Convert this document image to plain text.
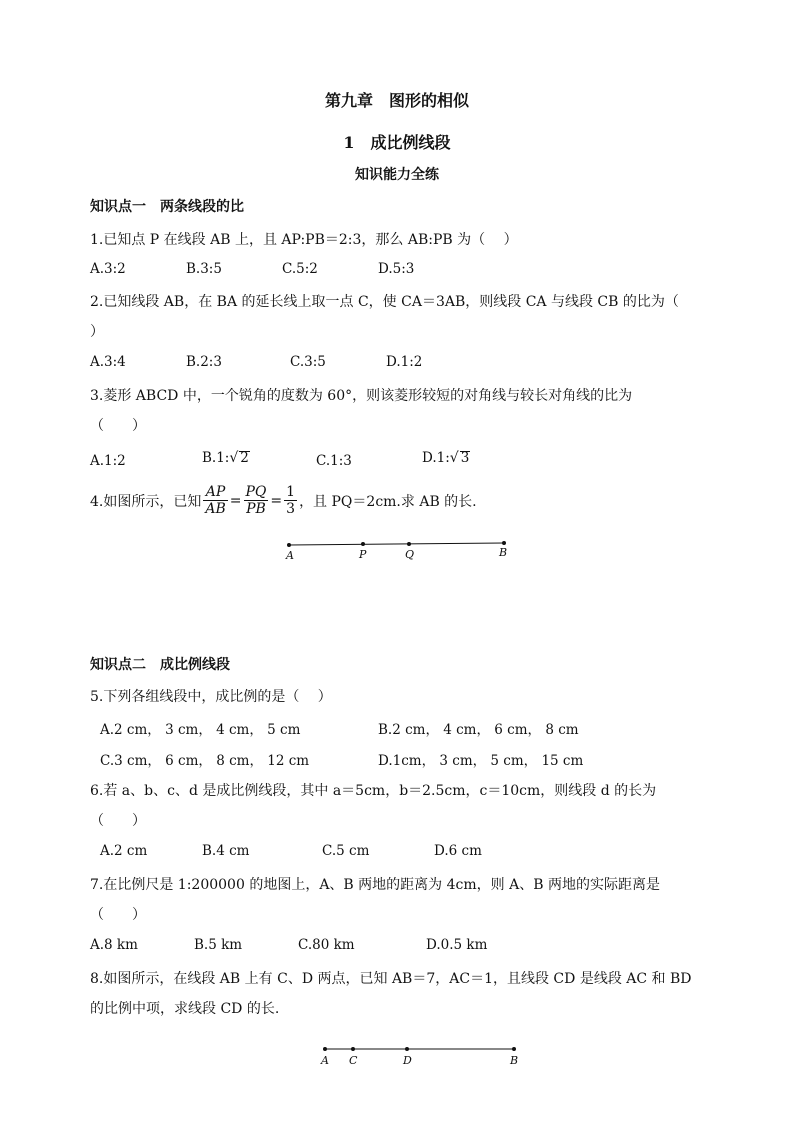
第九章　图形的相似
1　成比例线段
知识能力全练
知识点一　两条线段的比
1.已知点 P 在线段 AB 上，且 AP:PB＝2:3，那么 AB:PB 为（　 ）
A.3:2	B.3:5	C.5:2	D.5:3
2.已知线段 AB，在 BA 的延长线上取一点 C，使 CA＝3AB，则线段 CA 与线段 CB 的比为（
）
A.3:4	B.2:3	C.3:5	D.1:2
3.菱形 ABCD 中，一个锐角的度数为 60°，则该菱形较短的对角线与较长对角线的比为
（　　）
A.1:2	B.1:√ 2	C.1:3	D.1:√ 3
4.如图所示，已知 $\frac{AP}{AB} = \frac{PQ}{PB} = \frac{1}{3}$ ，且 PQ＝2cm.求 AB 的长.
A	P	Q	B
知识点二　成比例线段
5.下列各组线段中，成比例的是（　 ）
A.2 cm， 3 cm， 4 cm， 5 cm	B.2 cm， 4 cm， 6 cm， 8 cm
C.3 cm， 6 cm， 8 cm， 12 cm	D.1cm， 3 cm， 5 cm， 15 cm
6.若 a、b、c、d 是成比例线段，其中 a＝5cm，b＝2.5cm，c＝10cm，则线段 d 的长为
（　　）
A.2 cm	B.4 cm	C.5 cm	D.6 cm
7.在比例尺是 1:200000 的地图上，A、B 两地的距离为 4cm，则 A、B 两地的实际距离是
（　　）
A.8 km	B.5 km	C.80 km	D.0.5 km
8.如图所示，在线段 AB 上有 C、D 两点，已知 AB＝7，AC＝1，且线段 CD 是线段 AC 和 BD
的比例中项，求线段 CD 的长.
A C	D	B
